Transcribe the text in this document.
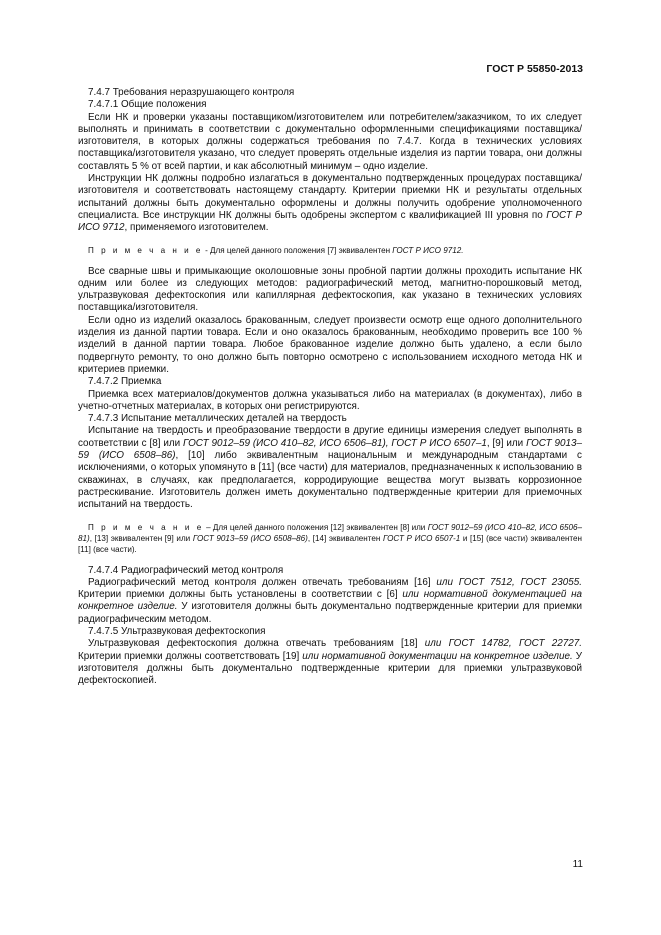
ГОСТ Р 55850-2013

7.4.7 Требования неразрушающего контроля

7.4.7.1 Общие положения

Если НК и проверки указаны поставщиком/изготовителем или потребителем/заказчиком, то их следует выполнять и принимать в соответствии с документально оформленными спецификациями поставщика/изготовителя, в которых должны содержаться требования по 7.4.7. Когда в технических условиях поставщика/изготовителя указано, что следует проверять отдельные изделия из партии товара, они должны составлять 5 % от всей партии, и как абсолютный минимум – одно изделие.

Инструкции НК должны подробно излагаться в документально подтвержденных процедурах поставщика/изготовителя и соответствовать настоящему стандарту. Критерии приемки НК и результаты отдельных испытаний должны быть документально оформлены и должны получить одобрение уполномоченного специалиста. Все инструкции НК должны быть одобрены экспертом с квалификацией III уровня по ГОСТ Р ИСО 9712, применяемого изготовителем.

П р и м е ч а н и е - Для целей данного положения [7] эквивалентен ГОСТ Р ИСО 9712.

Все сварные швы и примыкающие околошовные зоны пробной партии должны проходить испытание НК одним или более из следующих методов: радиографический метод, магнитно-порошковый метод, ультразвуковая дефектоскопия или капиллярная дефектоскопия, как указано в технических условиях поставщика/изготовителя.

Если одно из изделий оказалось бракованным, следует произвести осмотр еще одного дополнительного изделия из данной партии товара. Если и оно оказалось бракованным, необходимо проверить все 100 % изделий в данной партии товара. Любое бракованное изделие должно быть удалено, а если было подвергнуто ремонту, то оно должно быть повторно осмотрено с использованием исходного метода НК и критериев приемки.

7.4.7.2 Приемка

Приемка всех материалов/документов должна указываться либо на материалах (в документах), либо в учетно-отчетных материалах, в которых они регистрируются.

7.4.7.3 Испытание металлических деталей на твердость

Испытание на твердость и преобразование твердости в другие единицы измерения следует выполнять в соответствии с [8] или ГОСТ 9012–59 (ИСО 410–82, ИСО 6506–81), ГОСТ Р ИСО 6507–1, [9] или ГОСТ 9013–59 (ИСО 6508–86), [10] либо эквивалентным национальным и международным стандартами с исключениями, о которых упомянуто в [11] (все части) для материалов, предназначенных к использованию в скважинах, в случаях, как предполагается, корродирующие вещества могут вызвать коррозионное растрескивание. Изготовитель должен иметь документально подтвержденные критерии для приемочных испытаний на твердость.

П р и м е ч а н и е – Для целей данного положения [12] эквивалентен [8] или ГОСТ 9012–59 (ИСО 410–82, ИСО 6506–81), [13] эквивалентен [9] или ГОСТ 9013–59 (ИСО 6508–86), [14] эквивалентен ГОСТ Р ИСО 6507-1 и [15] (все части) эквивалентен [11] (все части).

7.4.7.4 Радиографический метод контроля

Радиографический метод контроля должен отвечать требованиям [16] или ГОСТ 7512, ГОСТ 23055. Критерии приемки должны быть установлены в соответствии с [6] или нормативной документацией на конкретное изделие. У изготовителя должны быть документально подтвержденные критерии для приемки радиографическим методом.

7.4.7.5 Ультразвуковая дефектоскопия

Ультразвуковая дефектоскопия должна отвечать требованиям [18] или ГОСТ 14782, ГОСТ 22727. Критерии приемки должны соответствовать [19] или нормативной документации на конкретное изделие. У изготовителя должны быть документально подтвержденные критерии для приемки ультразвуковой дефектоскопией.

11
